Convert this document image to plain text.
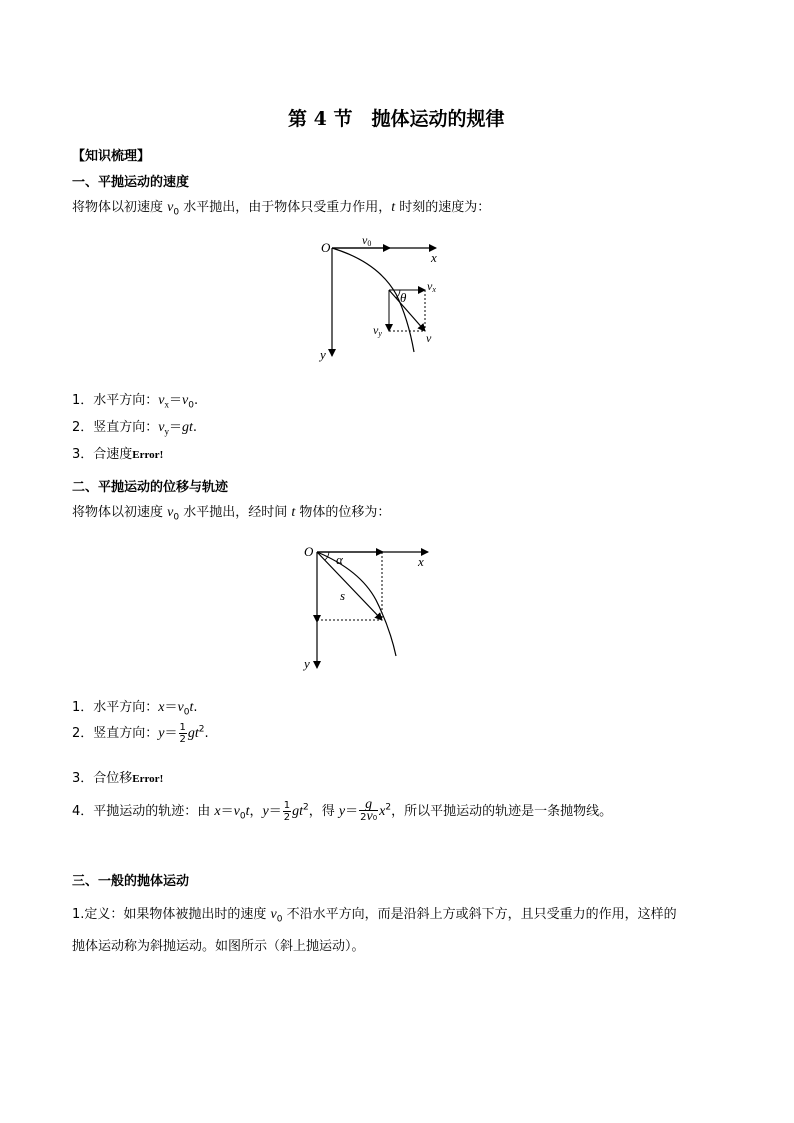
第 4 节　抛体运动的规律
【知识梳理】
一、平抛运动的速度
将物体以初速度 $v_0$ 水平抛出，由于物体只受重力作用，t 时刻的速度为：
O	v0
x
y
θ
vx
vy	v
1．水平方向：$v_x=v_0$.
2．竖直方向：$v_y=gt$.
3．合速度Error!
二、平抛运动的位移与轨迹
将物体以初速度 $v_0$ 水平抛出，经时间 t 物体的位移为：
O
α	x
y
s
1．水平方向：$x=v_0t$.
2．竖直方向：$y= \frac{1}{2} gt^2$.
3．合位移Error!
4．平抛运动的轨迹：由 $x=v_0t$，$y= \frac{1}{2} gt^2$，得 $y= \frac{g}{2v0} x^2$，所以平抛运动的轨迹是一条抛物线。
三、一般的抛体运动
1.定义：如果物体被抛出时的速度 $v_0$ 不沿水平方向，而是沿斜上方或斜下方，且只受重力的作用，这样的
抛体运动称为斜抛运动。如图所示（斜上抛运动）。
